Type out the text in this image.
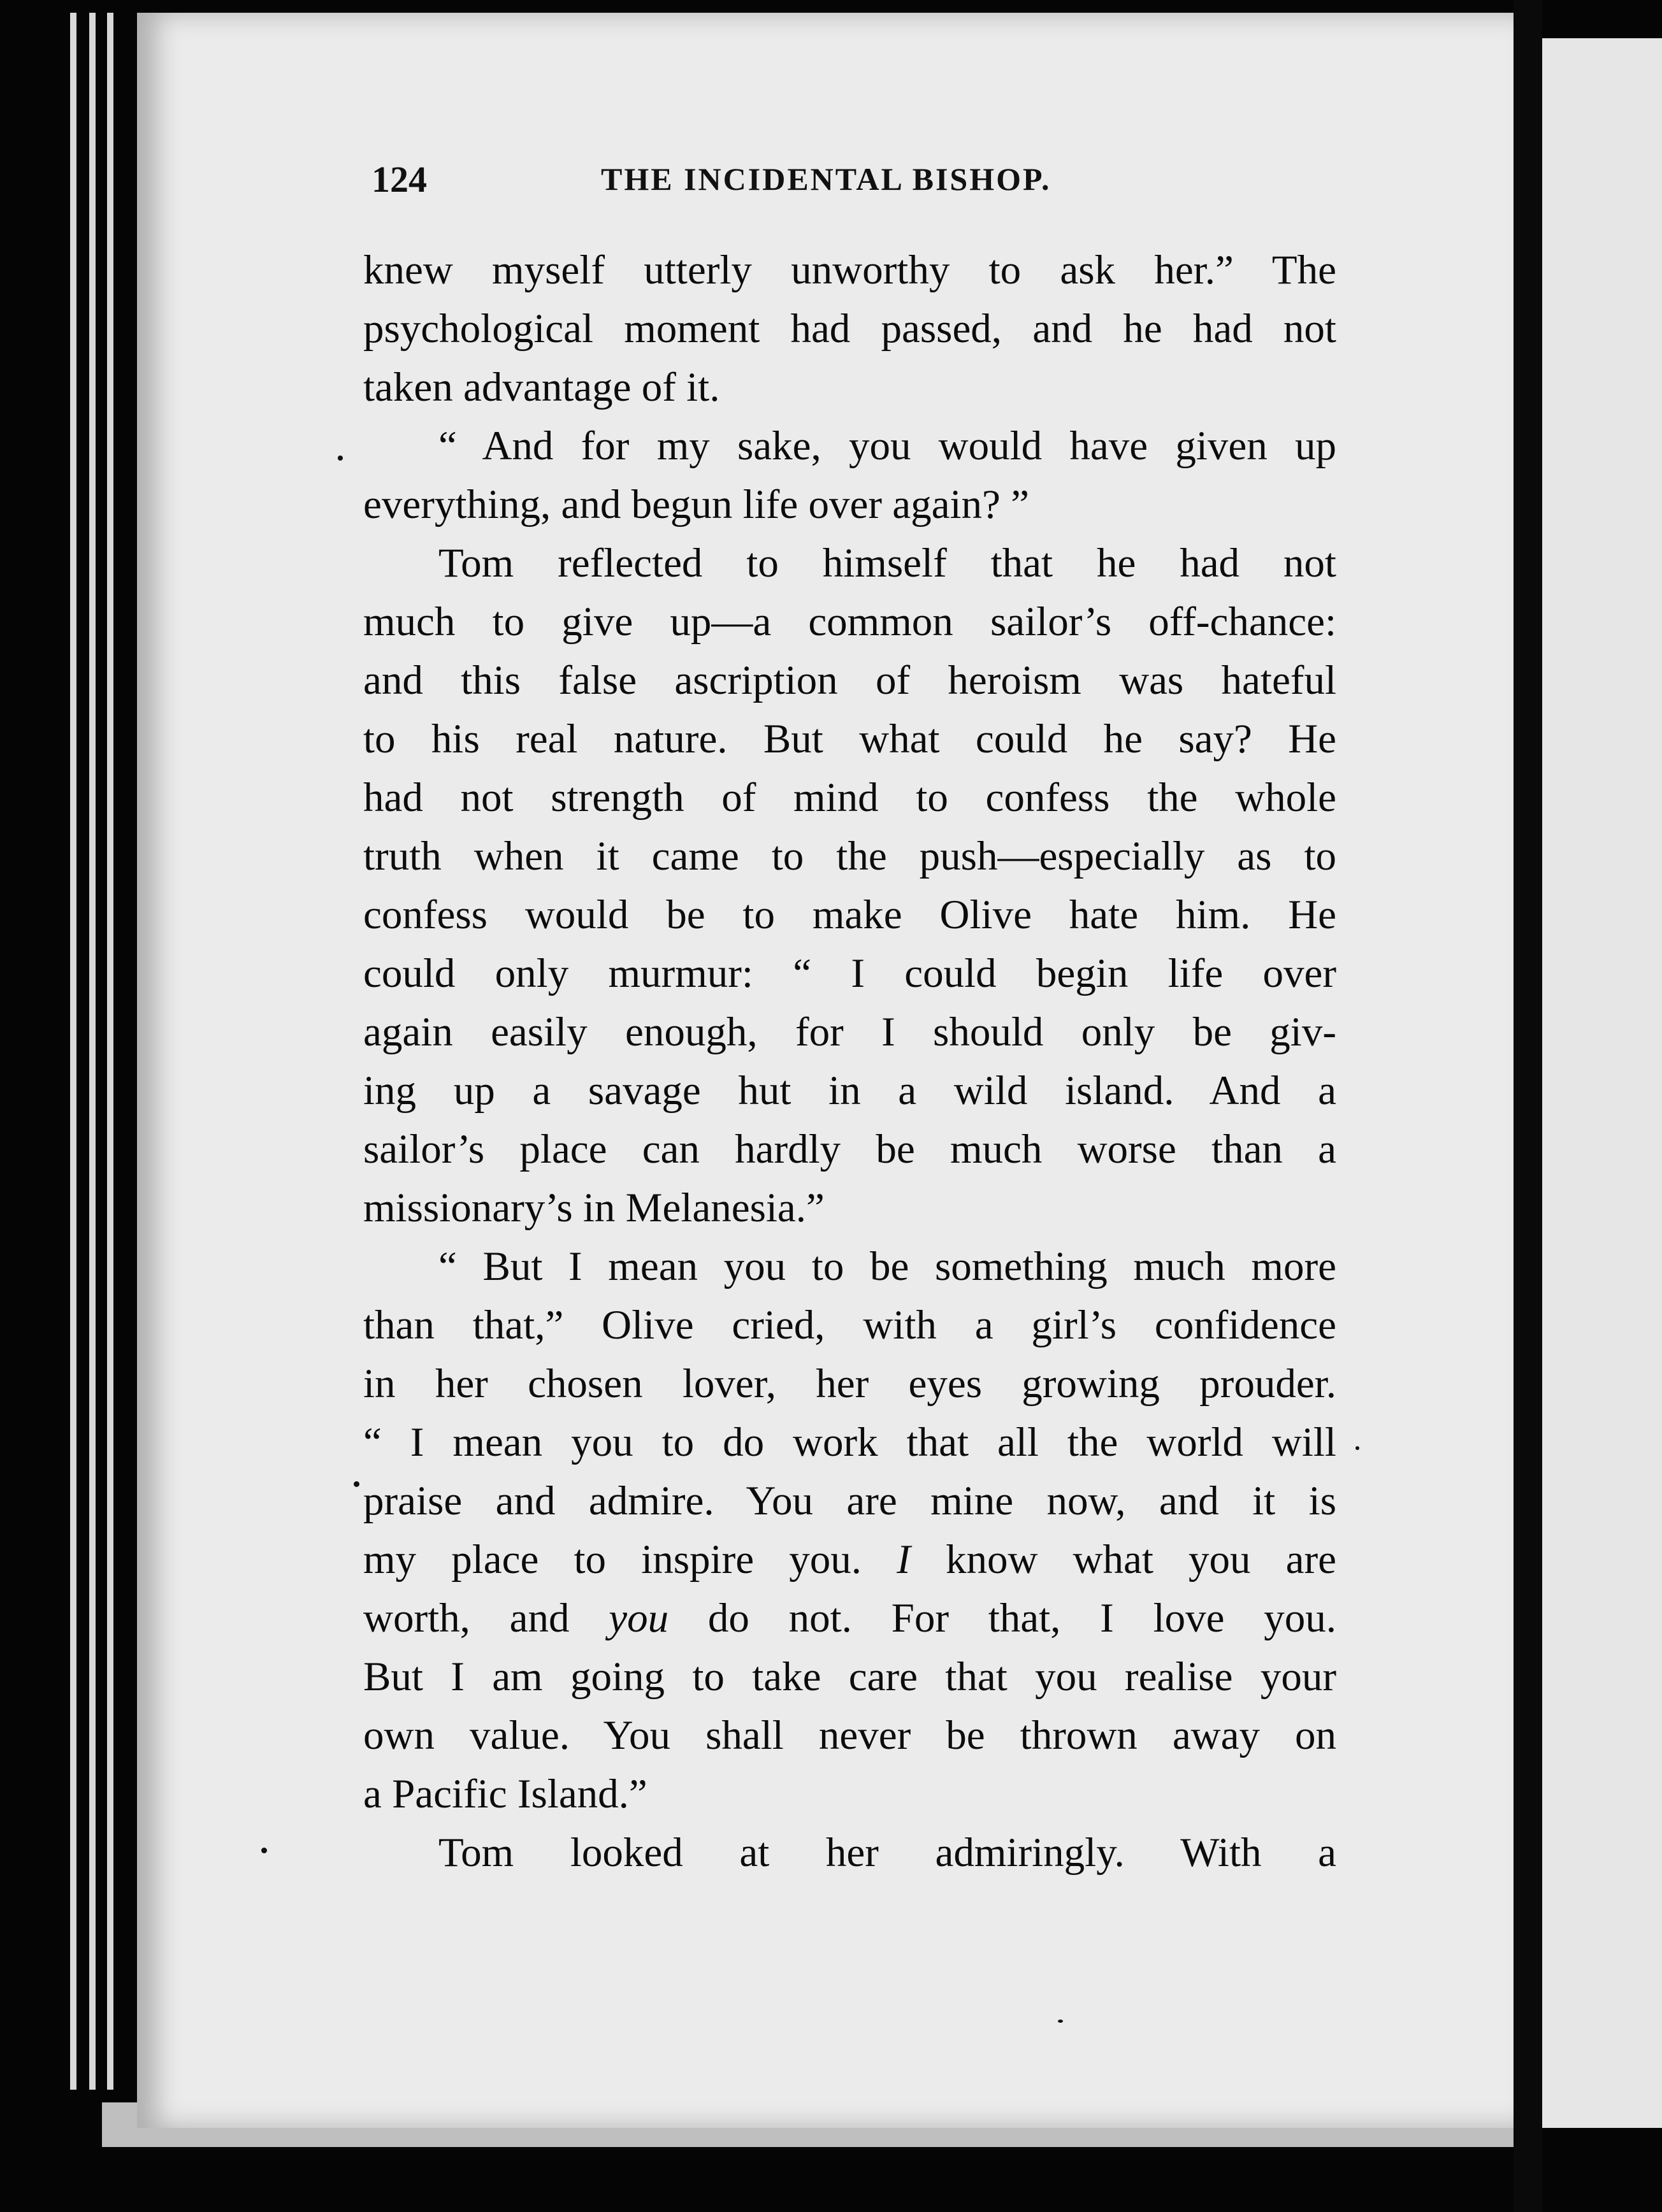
124	THE INCIDENTAL BISHOP.
knew myself utterly unworthy to ask her.” The
psychological moment had passed, and he had not
taken advantage of it.
“ And for my sake, you would have given up
everything, and begun life over again? ”
Tom reflected to himself that he had not
much to give up—a common sailor’s off-chance:
and this false ascription of heroism was hateful
to his real nature. But what could he say? He
had not strength of mind to confess the whole
truth when it came to the push—especially as to
confess would be to make Olive hate him. He
could only murmur: “ I could begin life over
again easily enough, for I should only be giv-
ing up a savage hut in a wild island. And a
sailor’s place can hardly be much worse than a
missionary’s in Melanesia.”
“ But I mean you to be something much more
than that,” Olive cried, with a girl’s confidence
in her chosen lover, her eyes growing prouder.
“ I mean you to do work that all the world will
praise and admire. You are mine now, and it is
my place to inspire you. I know what you are
worth, and you do not. For that, I love you.
But I am going to take care that you realise your
own value. You shall never be thrown away on
a Pacific Island.”
Tom looked at her admiringly. With a
